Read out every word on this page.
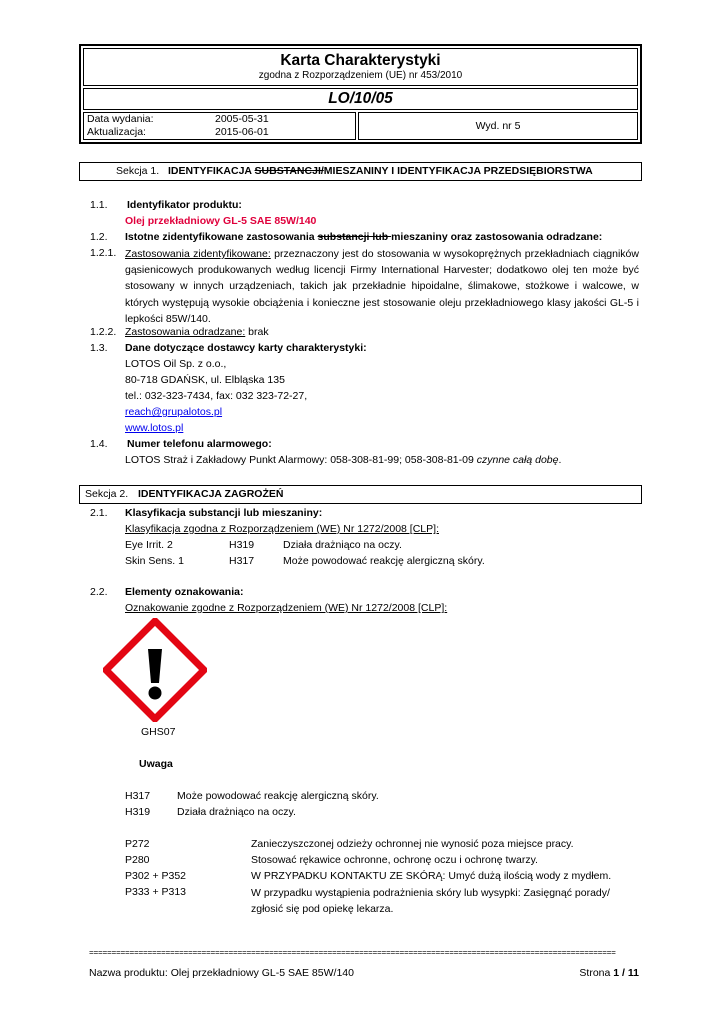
Karta Charakterystyki
zgodna z Rozporządzeniem (UE) nr 453/2010
LO/10/05
Data wydania:	2005-05-31
Aktualizacja:	2015-06-01	Wyd. nr 5
Sekcja 1. IDENTYFIKACJA SUBSTANCJI/MIESZANINY I IDENTYFIKACJA PRZEDSIĘBIORSTWA
1.1. Identyfikator produktu:
Olej przekładniowy GL-5 SAE 85W/140
1.2. Istotne zidentyfikowane zastosowania substancji lub mieszaniny oraz zastosowania odradzane:
1.2.1. Zastosowania zidentyfikowane: przeznaczony jest do stosowania w wysokoprężnych przekładniach ciągników gąsienicowych produkowanych według licencji Firmy International Harvester; dodatkowo olej ten może być stosowany w innych urządzeniach, takich jak przekładnie hipoidalne, ślimakowe, stożkowe i walcowe, w których występują wysokie obciążenia i konieczne jest stosowanie oleju przekładniowego klasy jakości GL-5 i lepkości 85W/140.
1.2.2. Zastosowania odradzane: brak
1.3. Dane dotyczące dostawcy karty charakterystyki:
LOTOS Oil Sp. z o.o.,
80-718 GDAŃSK, ul. Elbląska 135
tel.: 032-323-7434, fax: 032 323-72-27,
reach@grupalotos.pl
www.lotos.pl
1.4. Numer telefonu alarmowego:
LOTOS Straż i Zakładowy Punkt Alarmowy: 058-308-81-99; 058-308-81-09 czynne całą dobę.
Sekcja 2. IDENTYFIKACJA ZAGROŻEŃ
2.1. Klasyfikacja substancji lub mieszaniny:
Klasyfikacja zgodna z Rozporządzeniem (WE) Nr 1272/2008 [CLP]:
Eye Irrit. 2	H319	Działa drażniąco na oczy.
Skin Sens. 1	H317	Może powodować reakcję alergiczną skóry.
2.2. Elementy oznakowania:
Oznakowanie zgodne z Rozporządzeniem (WE) Nr 1272/2008 [CLP]:
GHS07
Uwaga
H317	Może powodować reakcję alergiczną skóry.
H319	Działa drażniąco na oczy.
P272	Zanieczyszczonej odzieży ochronnej nie wynosić poza miejsce pracy.
P280	Stosować rękawice ochronne, ochronę oczu i ochronę twarzy.
P302 + P352	W PRZYPADKU KONTAKTU ZE SKÓRĄ: Umyć dużą ilością wody z mydłem.
P333 + P313	W przypadku wystąpienia podrażnienia skóry lub wysypki: Zasięgnąć porady/ zgłosić się pod opiekę lekarza.
=====================================================================================================================
Nazwa produktu: Olej przekładniowy GL-5 SAE 85W/140	Strona 1 / 11
